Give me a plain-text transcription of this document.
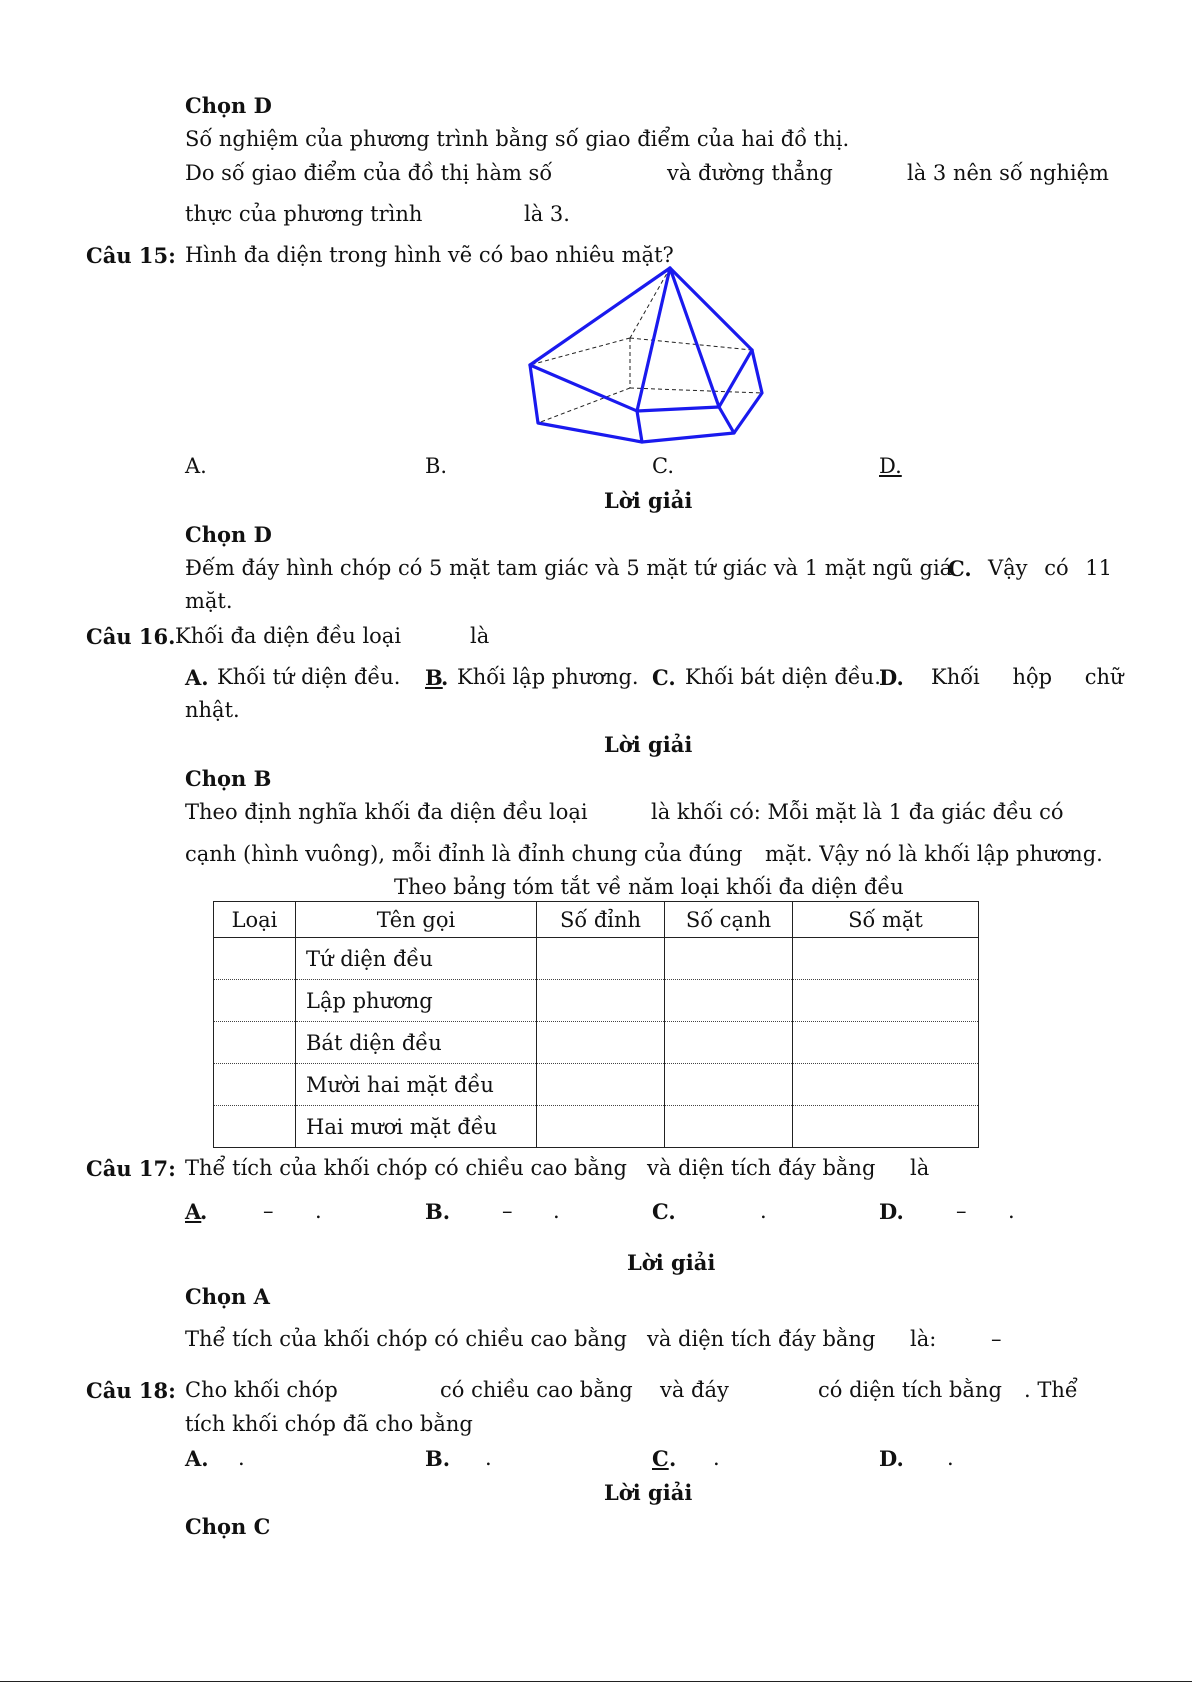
Chọn D
Số nghiệm của phương trình bằng số giao điểm của hai đồ thị.
Do số giao điểm của đồ thị hàm số	và đường thẳng	là 3 nên số nghiệm
thực của phương trình	là 3.
Câu 15: Hình đa diện trong hình vẽ có bao nhiêu mặt?
A.	B.	C.	D.
Lời giải
Chọn D
Đếm đáy hình chóp có 5 mặt tam giác và 5 mặt tứ giác và 1 mặt ngũ giá
C. Vậy có 11
mặt.
Câu 16. Khối đa diện đều loại	là
A. Khối tứ diện đều. B
. Khối lập phương. C. Khối bát diện đều.
D. Khối hộp chữ
nhật.
Lời giải
Chọn B
Theo định nghĩa khối đa diện đều loại	là khối có: Mỗi mặt là 1 đa giác đều có
cạnh (hình vuông), mỗi đỉnh là đỉnh chung của đúng mặt. Vậy nó là khối lập phương.
Theo bảng tóm tắt về năm loại khối đa diện đều
Loại	Tên gọi	Số đỉnh	Số cạnh	Số mặt
	Tứ diện đều			
	Lập phương			
	Bát diện đều			
	Mười hai mặt đều			
	Hai mươi mặt đều			
Câu 17: Thể tích của khối chóp có chiều cao bằng và diện tích đáy bằng là
A
.	– .	B. – .	C.	.	D. – .
Lời giải
Chọn A
Thể tích của khối chóp có chiều cao bằng và diện tích đáy bằng là:	–
Câu 18: Cho khối chóp	có chiều cao bằng và đáy	có diện tích bằng . Thể
tích khối chóp đã cho bằng
A. .	B. .	C . .	D. .
Lời giải
Chọn C
